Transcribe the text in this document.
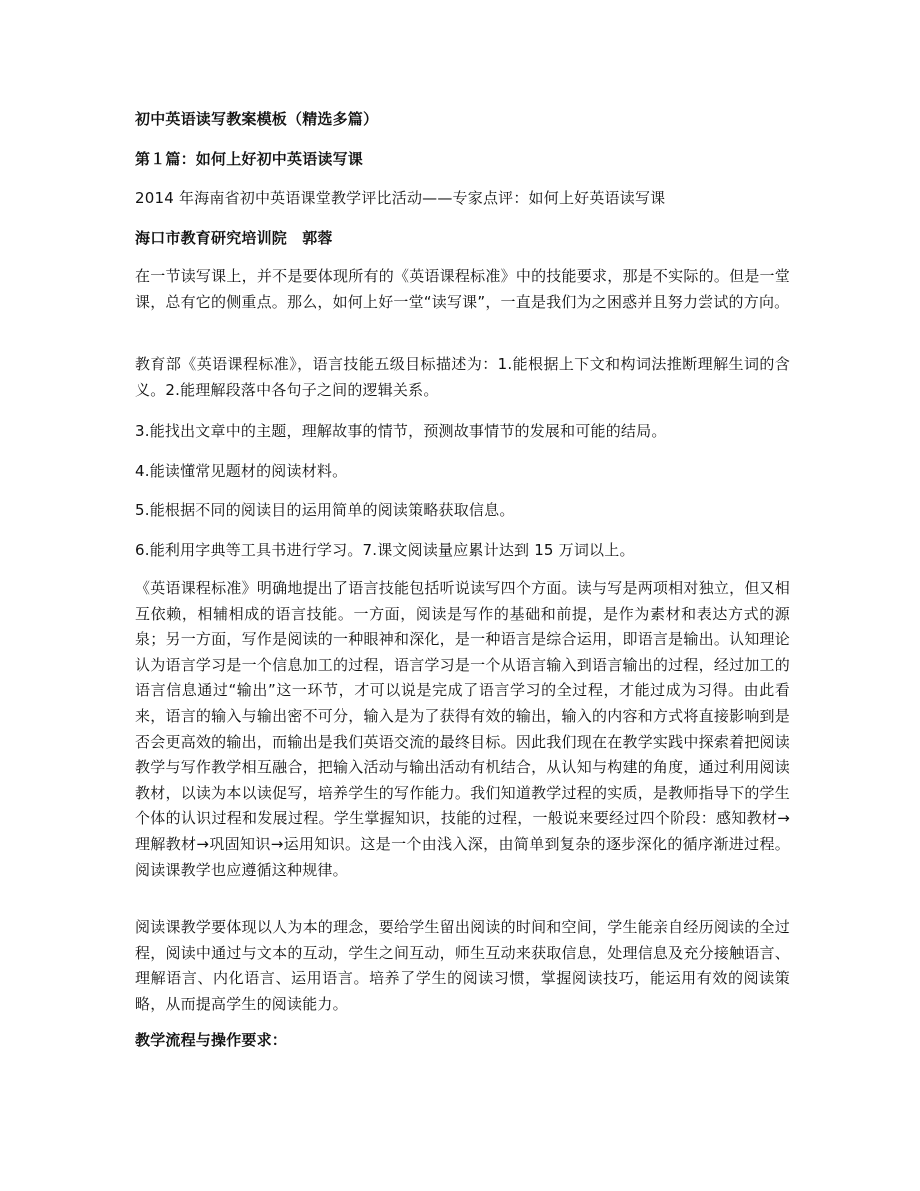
初中英语读写教案模板（精选多篇）
第１篇：如何上好初中英语读写课
2014 年海南省初中英语课堂教学评比活动——专家点评：如何上好英语读写课
海口市教育研究培训院　郭蓉
在一节读写课上，并不是要体现所有的《英语课程标准》中的技能要求，那是不实际的。但是一堂课，总有它的侧重点。那么，如何上好一堂“读写课”，一直是我们为之困惑并且努力尝试的方向。
教育部《英语课程标准》，语言技能五级目标描述为：1.能根据上下文和构词法推断理解生词的含义。2.能理解段落中各句子之间的逻辑关系。
3.能找出文章中的主题，理解故事的情节，预测故事情节的发展和可能的结局。
4.能读懂常见题材的阅读材料。
5.能根据不同的阅读目的运用简单的阅读策略获取信息。
6.能利用字典等工具书进行学习。7.课文阅读量应累计达到 15 万词以上。
《英语课程标准》明确地提出了语言技能包括听说读写四个方面。读与写是两项相对独立，但又相互依赖，相辅相成的语言技能。一方面，阅读是写作的基础和前提，是作为素材和表达方式的源泉；另一方面，写作是阅读的一种眼神和深化，是一种语言是综合运用，即语言是输出。认知理论认为语言学习是一个信息加工的过程，语言学习是一个从语言输入到语言输出的过程，经过加工的语言信息通过“输出”这一环节，才可以说是完成了语言学习的全过程，才能过成为习得。由此看来，语言的输入与输出密不可分，输入是为了获得有效的输出，输入的内容和方式将直接影响到是否会更高效的输出，而输出是我们英语交流的最终目标。因此我们现在在教学实践中探索着把阅读教学与写作教学相互融合，把输入活动与输出活动有机结合，从认知与构建的角度，通过利用阅读教材，以读为本以读促写，培养学生的写作能力。我们知道教学过程的实质，是教师指导下的学生个体的认识过程和发展过程。学生掌握知识，技能的过程，一般说来要经过四个阶段：感知教材→理解教材→巩固知识→运用知识。这是一个由浅入深，由简单到复杂的逐步深化的循序渐进过程。阅读课教学也应遵循这种规律。
阅读课教学要体现以人为本的理念，要给学生留出阅读的时间和空间，学生能亲自经历阅读的全过程，阅读中通过与文本的互动，学生之间互动，师生互动来获取信息，处理信息及充分接触语言、理解语言、内化语言、运用语言。培养了学生的阅读习惯，掌握阅读技巧，能运用有效的阅读策略，从而提高学生的阅读能力。
教学流程与操作要求：
